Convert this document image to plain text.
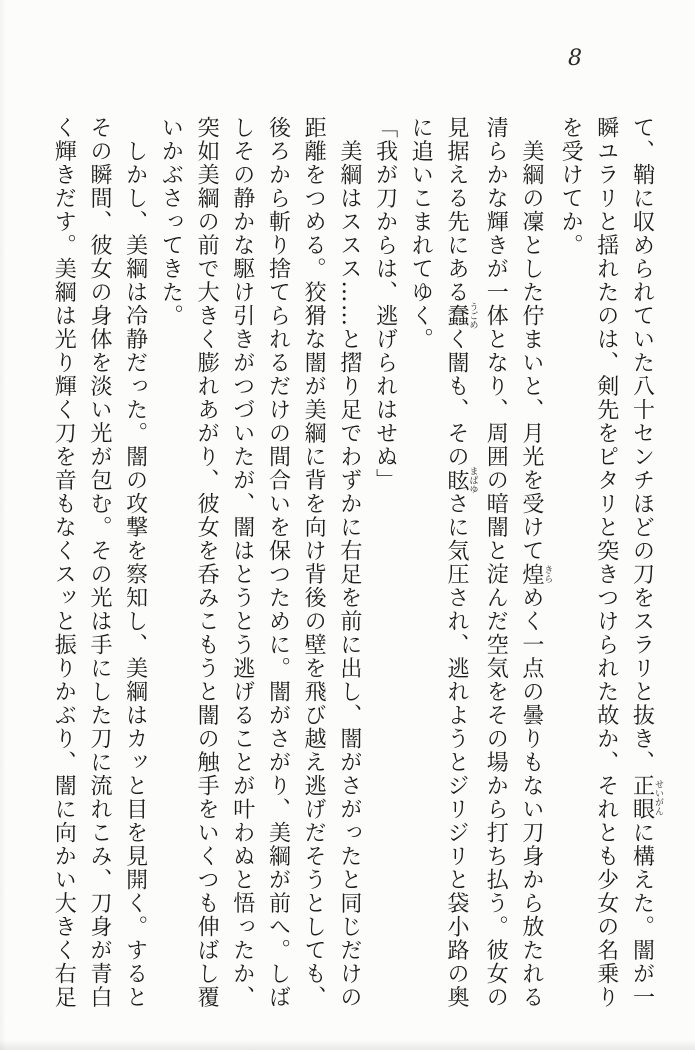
8
て、鞘に収められていた八十センチほどの刀をスラリと抜き、正眼せいがんに構えた。闇が一
瞬ユラリと揺れたのは、剣先をピタリと突きつけられた故か、それとも少女の名乗り
を受けてか。
　美綱の凜とした佇まいと、月光を受けて煌きらめく一点の曇りもない刀身から放たれる
清らかな輝きが一体となり、周囲の暗闇と淀んだ空気をその場から打ち払う。彼女の
見据える先にある蠢うごめく闇も、その眩まばゆさに気圧され、逃れようとジリジリと袋小路の奥
に追いこまれてゆく。
「我が刀からは、逃げられはせぬ」
　美綱はススス……と摺り足でわずかに右足を前に出し、闇がさがったと同じだけの
距離をつめる。狡猾な闇が美綱に背を向け背後の壁を飛び越え逃げだそうとしても、
後ろから斬り捨てられるだけの間合いを保つために。闇がさがり、美綱が前へ。しば
しその静かな駆け引きがつづいたが、闇はとうとう逃げることが叶わぬと悟ったか、
突如美綱の前で大きく膨れあがり、彼女を呑みこもうと闇の触手をいくつも伸ばし覆
いかぶさってきた。
　しかし、美綱は冷静だった。闇の攻撃を察知し、美綱はカッと目を見開く。すると
その瞬間、彼女の身体を淡い光が包む。その光は手にした刀に流れこみ、刀身が青白
く輝きだす。美綱は光り輝く刀を音もなくスッと振りかぶり、闇に向かい大きく右足
